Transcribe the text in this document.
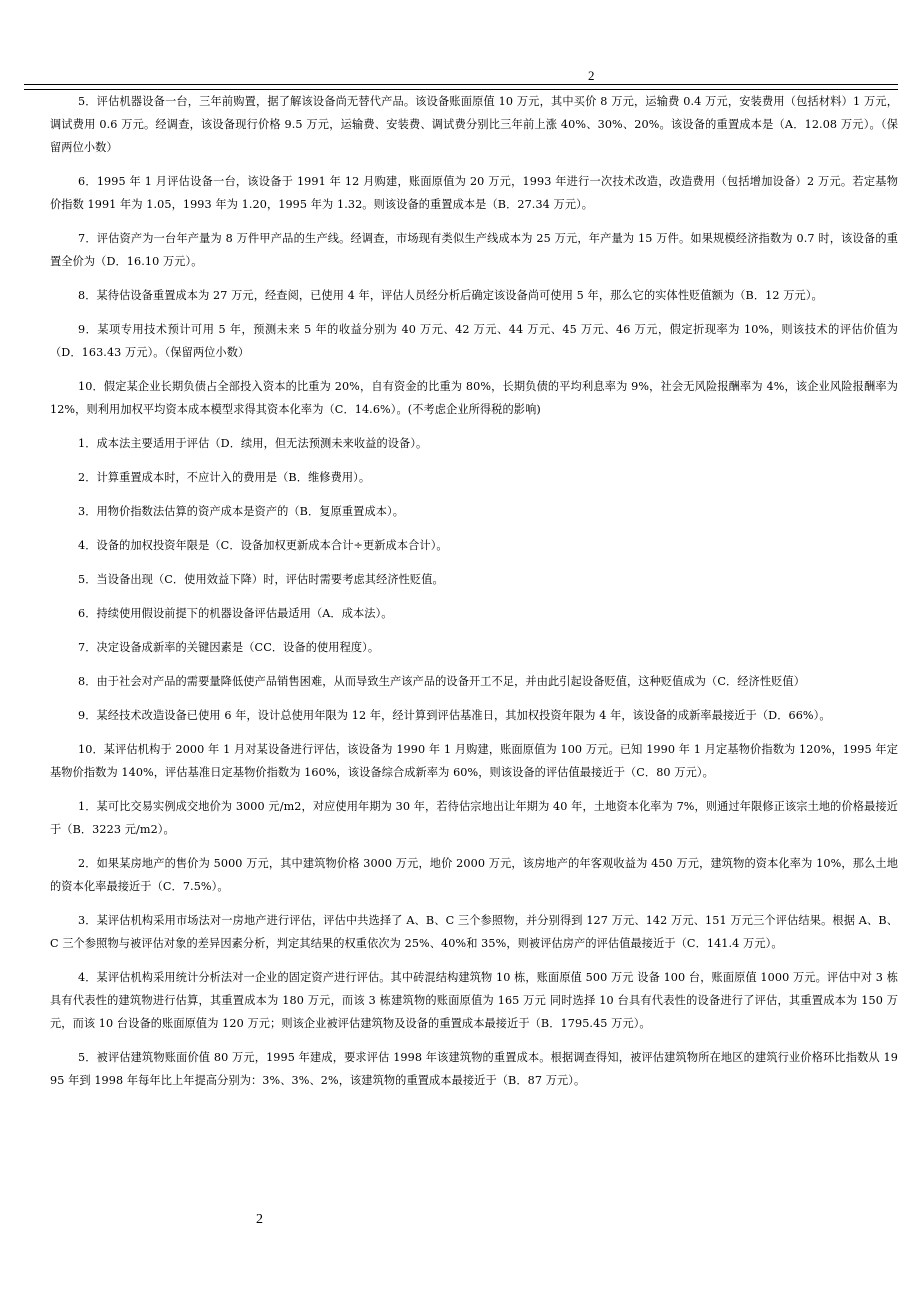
2

5．评估机器设备一台，三年前购置，据了解该设备尚无替代产品。该设备账面原值 10 万元，其中买价 8 万元，运输费 0.4 万元，安装费用（包括材料）1 万元，调试费用 0.6 万元。经调查，该设备现行价格 9.5 万元，运输费、安装费、调试费分别比三年前上涨 40%、30%、20%。该设备的重置成本是（A．12.08 万元）。（保留两位小数）

6．1995 年 1 月评估设备一台，该设备于 1991 年 12 月购建，账面原值为 20 万元，1993 年进行一次技术改造，改造费用（包括增加设备）2 万元。若定基物价指数 1991 年为 1.05，1993 年为 1.20，1995 年为 1.32。则该设备的重置成本是（B．27.34 万元）。

7．评估资产为一台年产量为 8 万件甲产品的生产线。经调查，市场现有类似生产线成本为 25 万元，年产量为 15 万件。如果规模经济指数为 0.7 时，该设备的重置全价为（D．16.10 万元）。

8．某待估设备重置成本为 27 万元，经查阅，已使用 4 年，评估人员经分析后确定该设备尚可使用 5 年，那么它的实体性贬值额为（B．12 万元）。

9．某项专用技术预计可用 5 年，预测未来 5 年的收益分别为 40 万元、42 万元、44 万元、45 万元、46 万元，假定折现率为 10%，则该技术的评估价值为（D．163.43 万元）。（保留两位小数）

10．假定某企业长期负债占全部投入资本的比重为 20%，自有资金的比重为 80%，长期负债的平均利息率为 9%，社会无风险报酬率为 4%，该企业风险报酬率为 12%，则利用加权平均资本成本模型求得其资本化率为（C．14.6%）。(不考虑企业所得税的影响)

1．成本法主要适用于评估（D．续用，但无法预测未来收益的设备）。

2．计算重置成本时，不应计入的费用是（B．维修费用）。

3．用物价指数法估算的资产成本是资产的（B．复原重置成本）。

4．设备的加权投资年限是（C．设备加权更新成本合计÷更新成本合计）。

5．当设备出现（C．使用效益下降）时，评估时需要考虑其经济性贬值。

6．持续使用假设前提下的机器设备评估最适用（A．成本法）。

7．决定设备成新率的关键因素是（CC．设备的使用程度）。

8．由于社会对产品的需要量降低使产品销售困难，从而导致生产该产品的设备开工不足，并由此引起设备贬值，这种贬值成为（C．经济性贬值）

9．某经技术改造设备已使用 6 年，设计总使用年限为 12 年，经计算到评估基准日，其加权投资年限为 4 年，该设备的成新率最接近于（D．66%）。

10．某评估机构于 2000 年 1 月对某设备进行评估，该设备为 1990 年 1 月购建，账面原值为 100 万元。已知 1990 年 1 月定基物价指数为 120%，1995 年定基物价指数为 140%，评估基准日定基物价指数为 160%，该设备综合成新率为 60%，则该设备的评估值最接近于（C．80 万元）。

1．某可比交易实例成交地价为 3000 元/m2，对应使用年期为 30 年，若待估宗地出让年期为 40 年，土地资本化率为 7%，则通过年限修正该宗土地的价格最接近于（B．3223 元/m2）。

2．如果某房地产的售价为 5000 万元，其中建筑物价格 3000 万元，地价 2000 万元，该房地产的年客观收益为 450 万元，建筑物的资本化率为 10%，那么土地的资本化率最接近于（C．7.5%）。

3．某评估机构采用市场法对一房地产进行评估，评估中共选择了 A、B、C 三个参照物，并分别得到 127 万元、142 万元、151 万元三个评估结果。根据 A、B、C 三个参照物与被评估对象的差异因素分析，判定其结果的权重依次为 25%、40%和 35%，则被评估房产的评估值最接近于（C．141.4 万元）。

4．某评估机构采用统计分析法对一企业的固定资产进行评估。其中砖混结构建筑物 10 栋，账面原值 500 万元 设备 100 台，账面原值 1000 万元。评估中对 3 栋具有代表性的建筑物进行估算，其重置成本为 180 万元，而该 3 栋建筑物的账面原值为 165 万元 同时选择 10 台具有代表性的设备进行了评估，其重置成本为 150 万元，而该 10 台设备的账面原值为 120 万元；则该企业被评估建筑物及设备的重置成本最接近于（B．1795.45 万元）。

5．被评估建筑物账面价值 80 万元，1995 年建成，要求评估 1998 年该建筑物的重置成本。根据调查得知，被评估建筑物所在地区的建筑行业价格环比指数从 1995 年到 1998 年每年比上年提高分别为：3%、3%、2%，该建筑物的重置成本最接近于（B．87 万元）。

2
